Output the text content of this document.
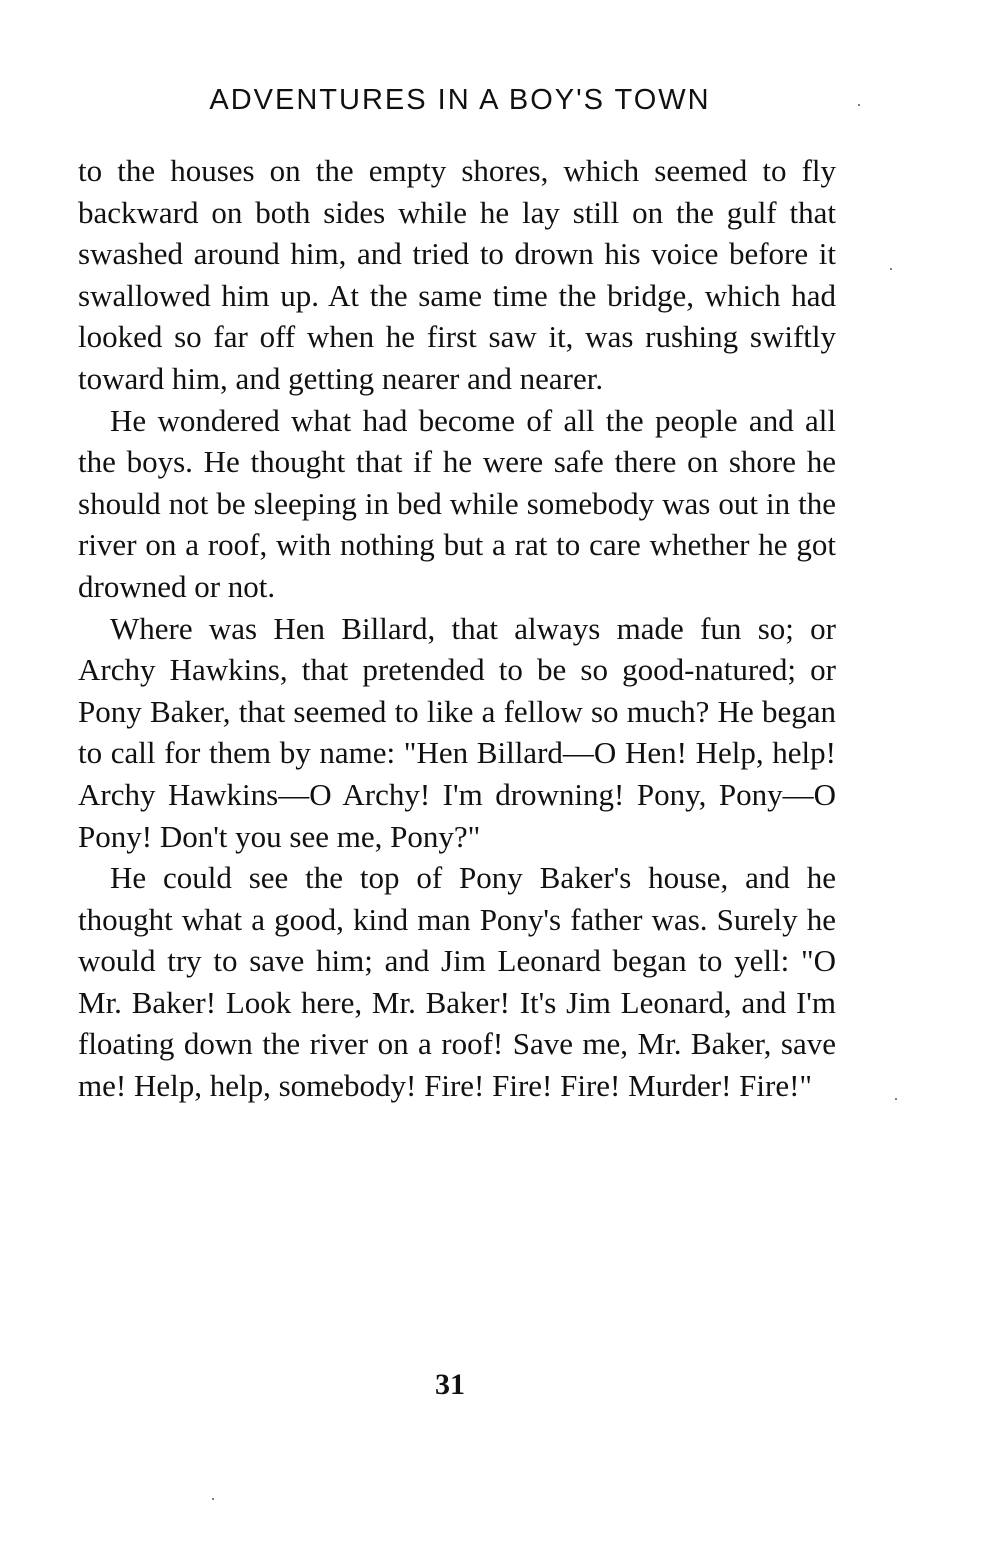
ADVENTURES IN A BOY'S TOWN

to the houses on the empty shores, which seemed to fly backward on both sides while he lay still on the gulf that swashed around him, and tried to drown his voice before it swallowed him up. At the same time the bridge, which had looked so far off when he first saw it, was rushing swiftly toward him, and getting nearer and nearer.

He wondered what had become of all the people and all the boys. He thought that if he were safe there on shore he should not be sleeping in bed while somebody was out in the river on a roof, with nothing but a rat to care whether he got drowned or not.

Where was Hen Billard, that always made fun so; or Archy Hawkins, that pretended to be so good-natured; or Pony Baker, that seemed to like a fellow so much? He began to call for them by name: "Hen Billard—O Hen! Help, help! Archy Hawkins—O Archy! I'm drowning! Pony, Pony—O Pony! Don't you see me, Pony?"

He could see the top of Pony Baker's house, and he thought what a good, kind man Pony's father was. Surely he would try to save him; and Jim Leonard began to yell: "O Mr. Baker! Look here, Mr. Baker! It's Jim Leonard, and I'm floating down the river on a roof! Save me, Mr. Baker, save me! Help, help, somebody! Fire! Fire! Fire! Murder! Fire!"

31
